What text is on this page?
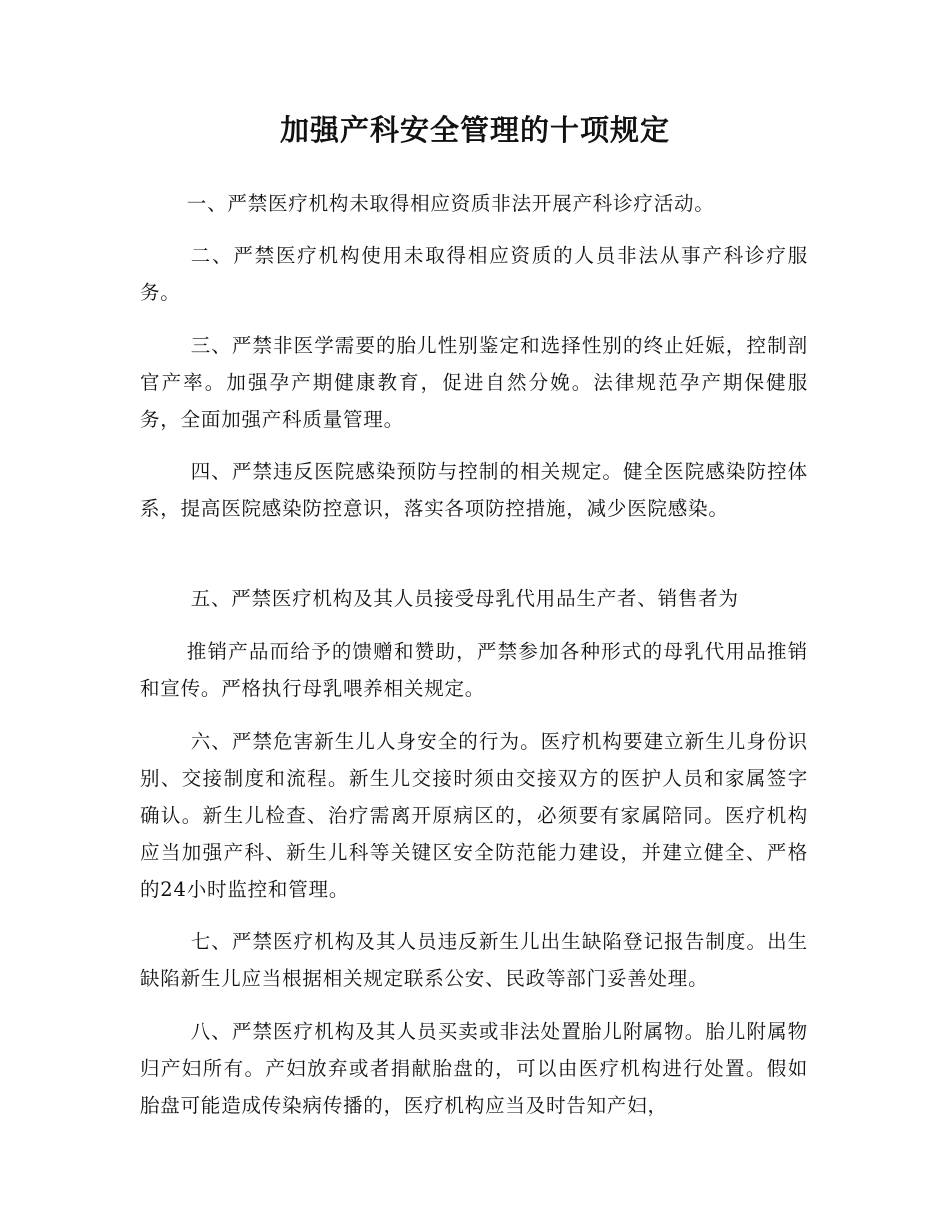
加强产科安全管理的十项规定

一、严禁医疗机构未取得相应资质非法开展产科诊疗活动。

二、严禁医疗机构使用未取得相应资质的人员非法从事产科诊疗服务。

三、严禁非医学需要的胎儿性别鉴定和选择性别的终止妊娠，控制剖官产率。加强孕产期健康教育，促进自然分娩。法律规范孕产期保健服务，全面加强产科质量管理。

四、严禁违反医院感染预防与控制的相关规定。健全医院感染防控体系，提高医院感染防控意识，落实各项防控措施，减少医院感染。

五、严禁医疗机构及其人员接受母乳代用品生产者、销售者为

推销产品而给予的馈赠和赞助，严禁参加各种形式的母乳代用品推销和宣传。严格执行母乳喂养相关规定。

六、严禁危害新生儿人身安全的行为。医疗机构要建立新生儿身份识别、交接制度和流程。新生儿交接时须由交接双方的医护人员和家属签字确认。新生儿检查、治疗需离开原病区的，必须要有家属陪同。医疗机构应当加强产科、新生儿科等关键区安全防范能力建设，并建立健全、严格的24小时监控和管理。

七、严禁医疗机构及其人员违反新生儿出生缺陷登记报告制度。出生缺陷新生儿应当根据相关规定联系公安、民政等部门妥善处理。

八、严禁医疗机构及其人员买卖或非法处置胎儿附属物。胎儿附属物归产妇所有。产妇放弃或者捐献胎盘的，可以由医疗机构进行处置。假如胎盘可能造成传染病传播的，医疗机构应当及时告知产妇，
